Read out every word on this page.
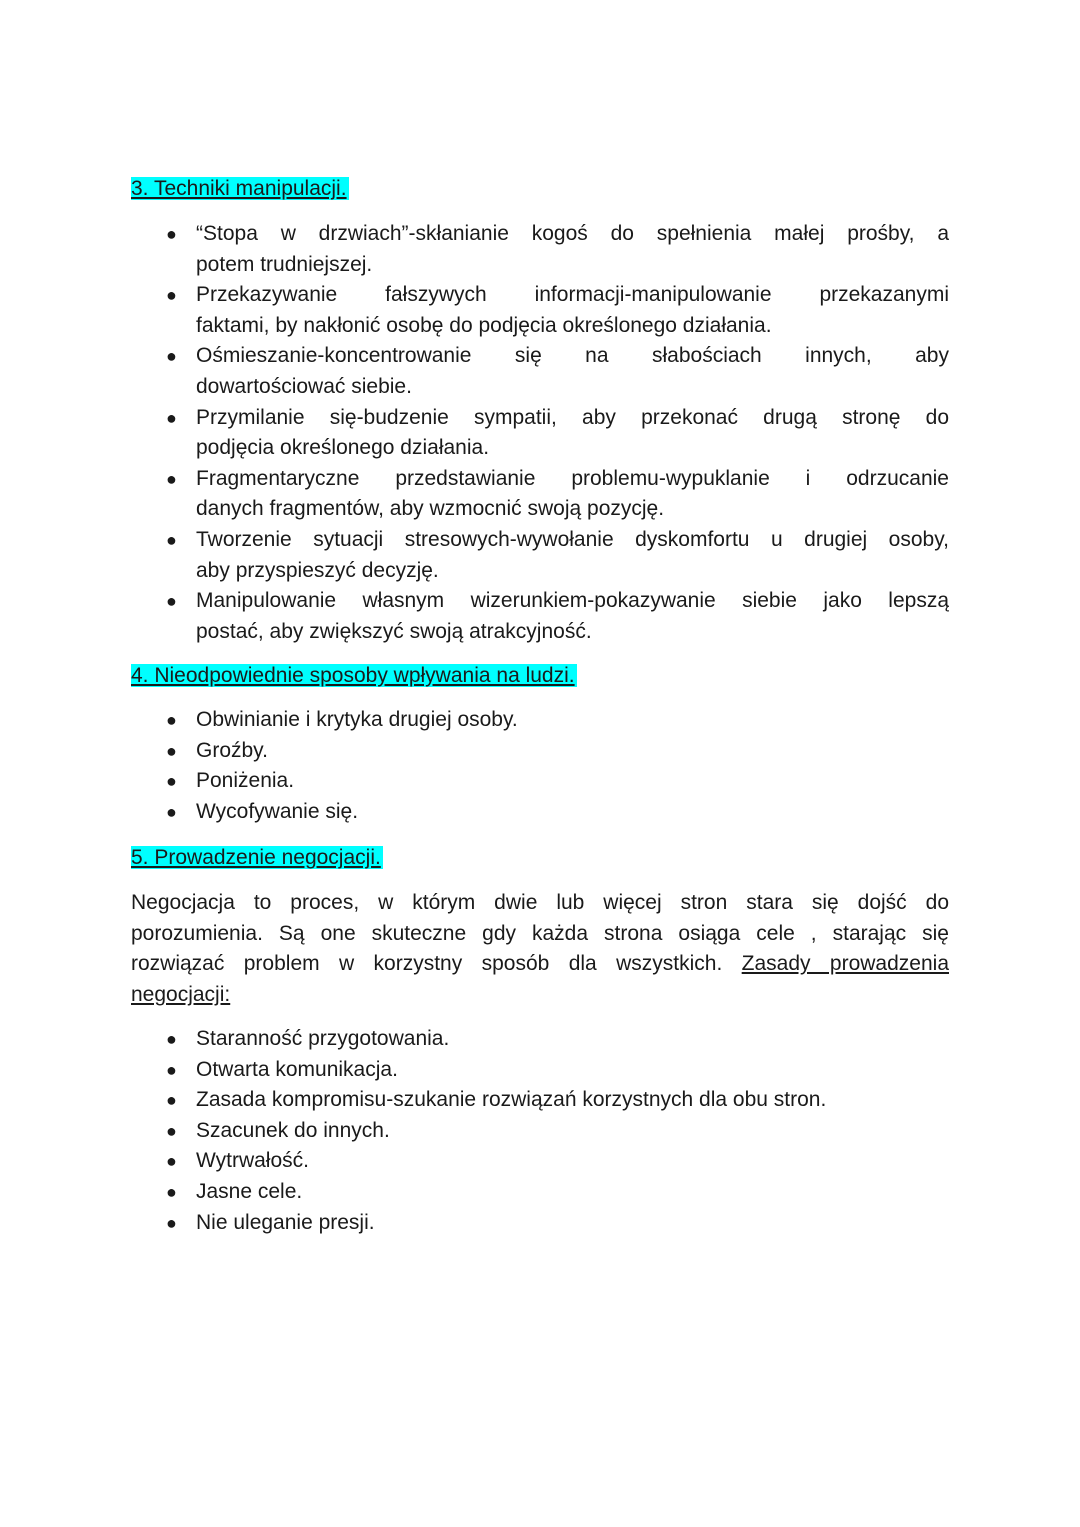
3. Techniki manipulacji.
● “Stopa w drzwiach”-skłanianie kogoś do spełnienia małej prośby, a
potem trudniejszej.
● Przekazywanie fałszywych informacji-manipulowanie przekazanymi
faktami, by nakłonić osobę do podjęcia określonego działania.
● Ośmieszanie-koncentrowanie się na słabościach innych, aby
dowartościować siebie.
● Przymilanie się-budzenie sympatii, aby przekonać drugą stronę do
podjęcia określonego działania.
● Fragmentaryczne przedstawianie problemu-wypuklanie i odrzucanie
danych fragmentów, aby wzmocnić swoją pozycję.
● Tworzenie sytuacji stresowych-wywołanie dyskomfortu u drugiej osoby,
aby przyspieszyć decyzję.
● Manipulowanie własnym wizerunkiem-pokazywanie siebie jako lepszą
postać, aby zwiększyć swoją atrakcyjność.
4. Nieodpowiednie sposoby wpływania na ludzi.
● Obwinianie i krytyka drugiej osoby.
● Groźby.
● Poniżenia.
● Wycofywanie się.
5. Prowadzenie negocjacji.
Negocjacja to proces, w którym dwie lub więcej stron stara się dojść do
porozumienia. Są one skuteczne gdy każda strona osiąga cele , starając się
rozwiązać problem w korzystny sposób dla wszystkich. Zasady prowadzenia
negocjacji:
● Staranność przygotowania.
● Otwarta komunikacja.
● Zasada kompromisu-szukanie rozwiązań korzystnych dla obu stron.
● Szacunek do innych.
● Wytrwałość.
● Jasne cele.
● Nie uleganie presji.
